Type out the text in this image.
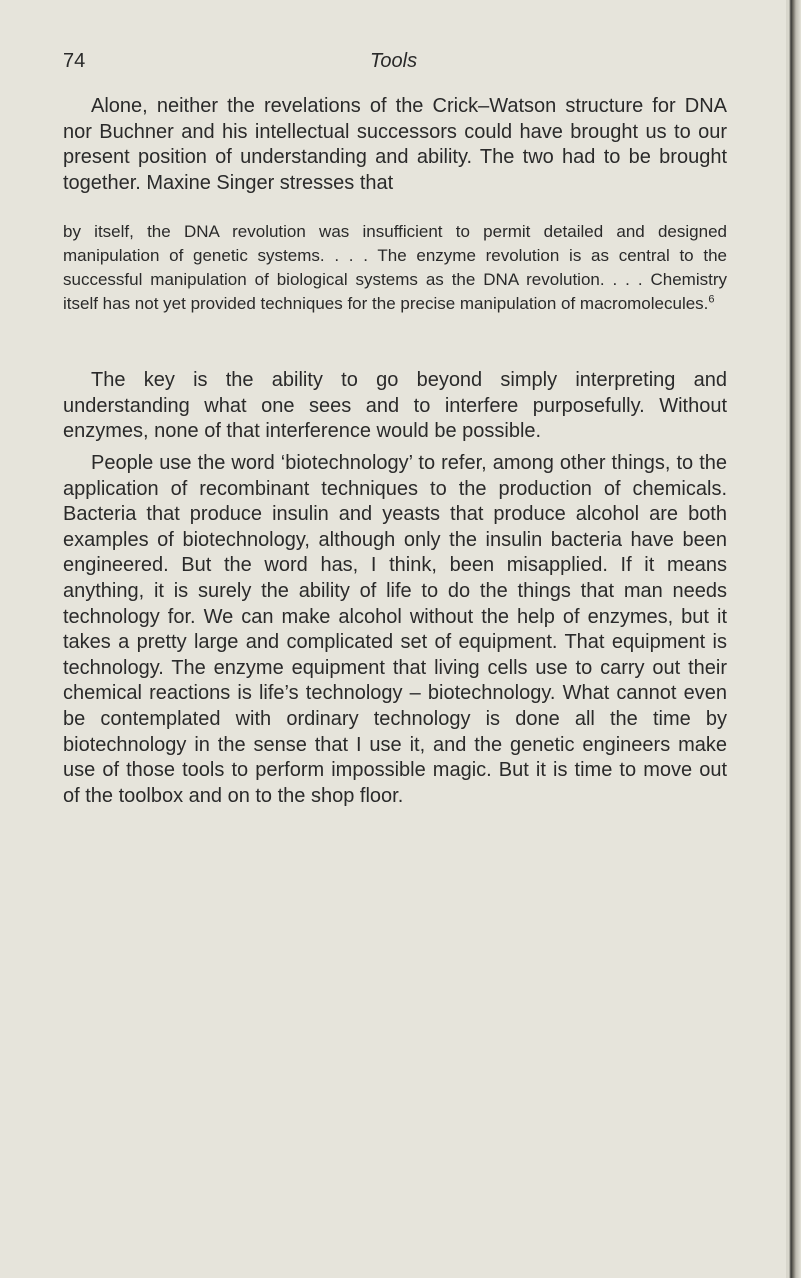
74	Tools

Alone, neither the revelations of the Crick–Watson structure for DNA nor Buchner and his intellectual successors could have brought us to our present position of understanding and ability. The two had to be brought together. Maxine Singer stresses that

by itself, the DNA revolution was insufficient to permit detailed and designed manipulation of genetic systems. . . . The enzyme revolution is as central to the successful manipulation of biological systems as the DNA revolution. . . . Chemistry itself has not yet provided techniques for the precise manipulation of macromolecules.$^6$

The key is the ability to go beyond simply interpreting and understanding what one sees and to interfere purposefully. Without enzymes, none of that interference would be possible.

People use the word ‘biotechnology’ to refer, among other things, to the application of recombinant techniques to the production of chemicals. Bacteria that produce insulin and yeasts that produce alcohol are both examples of biotechnology, although only the insulin bacteria have been engineered. But the word has, I think, been misapplied. If it means anything, it is surely the ability of life to do the things that man needs technology for. We can make alcohol without the help of enzymes, but it takes a pretty large and complicated set of equipment. That equipment is technology. The enzyme equipment that living cells use to carry out their chemical reactions is life’s technology – biotechnology. What cannot even be contemplated with ordinary technology is done all the time by biotechnology in the sense that I use it, and the genetic engineers make use of those tools to perform impossible magic. But it is time to move out of the toolbox and on to the shop floor.
